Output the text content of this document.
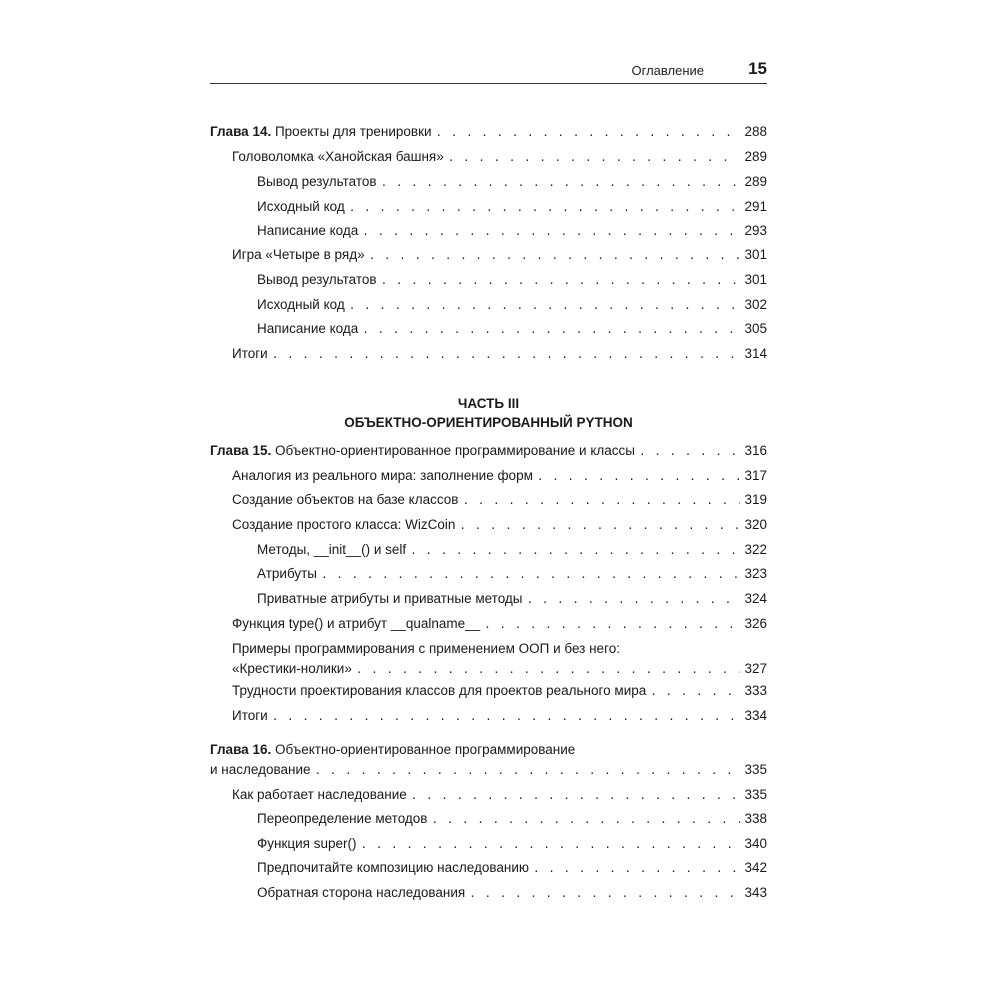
Оглавление	15
ЧАСТЬ III
ОБЪЕКТНО-ОРИЕНТИРОВАННЫЙ PYTHON
Глава 14. Проекты для тренировки . . .	288
Головоломка «Ханойская башня» . . .	289
Вывод результатов . . .	289
Исходный код . . .	291
Написание кода . . .	293
Игра «Четыре в ряд» . . .	301
Вывод результатов . . .	301
Исходный код . . .	302
Написание кода . . .	305
Итоги . . .	314
Глава 15. Объектно-ориентированное программирование и классы . . .	316
Аналогия из реального мира: заполнение форм . . .	317
Создание объектов на базе классов . . .	319
Создание простого класса: WizCoin . . .	320
Методы, __init__() и self . . .	322
Атрибуты . . .	323
Приватные атрибуты и приватные методы . . .	324
Функция type() и атрибут __qualname__ . . .	326
Примеры программирования с применением ООП и без него:
«Крестики-нолики» . . .	327
Трудности проектирования классов для проектов реального мира . . .	333
Итоги . . .	334
Глава 16. Объектно-ориентированное программирование
и наследование . . .	335
Как работает наследование . . .	335
Переопределение методов . . .	338
Функция super() . . .	340
Предпочитайте композицию наследованию . . .	342
Обратная сторона наследования . . .	343
